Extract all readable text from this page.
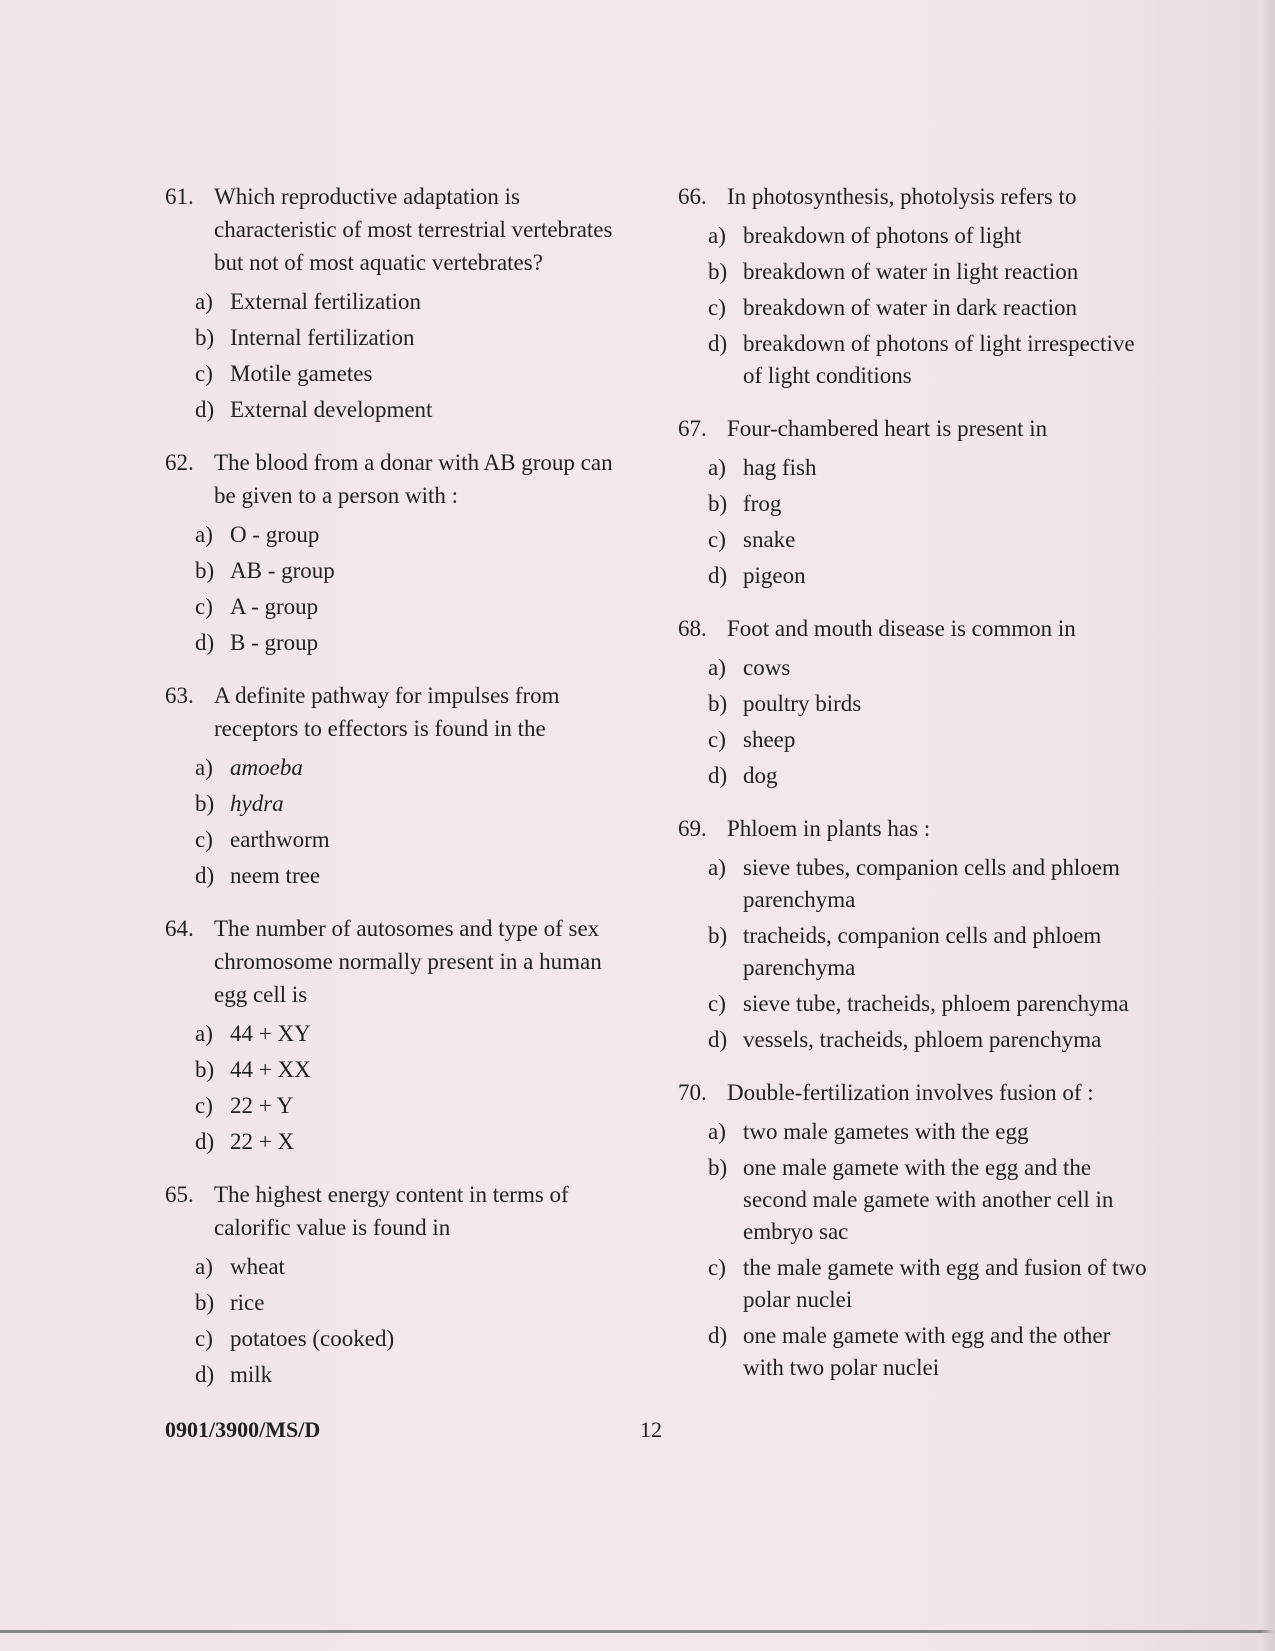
61. Which reproductive adaptation is characteristic of most terrestrial vertebrates but not of most aquatic vertebrates?
a) External fertilization
b) Internal fertilization
c) Motile gametes
d) External development
62. The blood from a donar with AB group can be given to a person with :
a) O - group
b) AB - group
c) A - group
d) B - group
63. A definite pathway for impulses from receptors to effectors is found in the
a) amoeba
b) hydra
c) earthworm
d) neem tree
64. The number of autosomes and type of sex chromosome normally present in a human egg cell is
a) 44 + XY
b) 44 + XX
c) 22 + Y
d) 22 + X
65. The highest energy content in terms of calorific value is found in
a) wheat
b) rice
c) potatoes (cooked)
d) milk
66. In photosynthesis, photolysis refers to
a) breakdown of photons of light
b) breakdown of water in light reaction
c) breakdown of water in dark reaction
d) breakdown of photons of light irrespective of light conditions
67. Four-chambered heart is present in
a) hag fish
b) frog
c) snake
d) pigeon
68. Foot and mouth disease is common in
a) cows
b) poultry birds
c) sheep
d) dog
69. Phloem in plants has :
a) sieve tubes, companion cells and phloem parenchyma
b) tracheids, companion cells and phloem parenchyma
c) sieve tube, tracheids, phloem parenchyma
d) vessels, tracheids, phloem parenchyma
70. Double-fertilization involves fusion of :
a) two male gametes with the egg
b) one male gamete with the egg and the second male gamete with another cell in embryo sac
c) the male gamete with egg and fusion of two polar nuclei
d) one male gamete with egg and the other with two polar nuclei
0901/3900/MS/D	12
